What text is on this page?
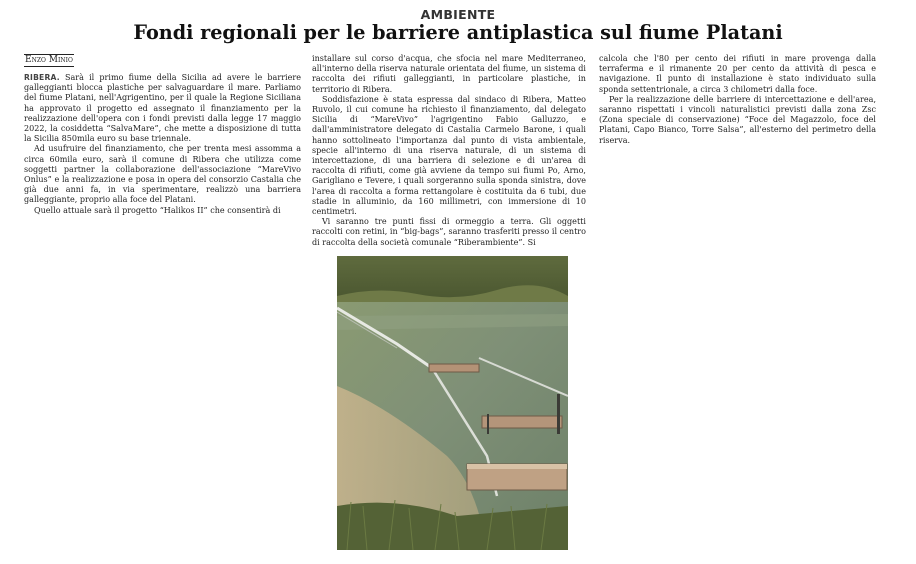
AMBIENTE
Fondi regionali per le barriere antiplastica sul fiume Platani
Enzo Minio

RIBERA. Sarà il primo fiume della Sicilia ad avere le barriere galleggianti blocca plastiche per salvaguardare il mare. Parliamo del fiume Platani, nell'Agrigentino, per il quale la Regione Siciliana ha approvato il progetto ed assegnato il finanziamento per la realizzazione dell'opera con i fondi previsti dalla legge 17 maggio 2022, la cosiddetta “SalvaMare”, che mette a disposizione di tutta la Sicilia 850mila euro su base triennale.

Ad usufruire del finanziamento, che per trenta mesi assomma a circa 60mila euro, sarà il comune di Ribera che utilizza come soggetti partner la collaborazione dell'associazione “MareVivo Onlus” e la realizzazione e posa in opera del consorzio Castalia che già due anni fa, in via sperimentare, realizzò una barriera galleggiante, proprio alla foce del Platani.

Quello attuale sarà il progetto “Halikos II” che consentirà di

installare sul corso d'acqua, che sfocia nel mare Mediterraneo, all'interno della riserva naturale orientata del fiume, un sistema di raccolta dei rifiuti galleggianti, in particolare plastiche, in territorio di Ribera.

Soddisfazione è stata espressa dal sindaco di Ribera, Matteo Ruvolo, il cui comune ha richiesto il finanziamento, dal delegato Sicilia di “MareVivo” l'agrigentino Fabio Galluzzo, e dall'amministratore delegato di Castalia Carmelo Barone, i quali hanno sottolineato l'importanza dal punto di vista ambientale, specie all'interno di una riserva naturale, di un sistema di intercettazione, di una barriera di selezione e di un'area di raccolta di rifiuti, come già avviene da tempo sui fiumi Po, Arno, Garigliano e Tevere, i quali sorgeranno sulla sponda sinistra, dove l'area di raccolta a forma rettangolare è costituita da 6 tubi, due stadie in alluminio, da 160 millimetri, con immersione di 10 centimetri.

Vi saranno tre punti fissi di ormeggio a terra. Gli oggetti raccolti con retini, in “big-bags”, saranno trasferiti presso il centro di raccolta della società comunale “Riberambiente”. Si

calcola che l'80 per cento dei rifiuti in mare provenga dalla terraferma e il rimanente 20 per cento da attività di pesca e navigazione. Il punto di installazione è stato individuato sulla sponda settentrionale, a circa 3 chilometri dalla foce.

Per la realizzazione delle barriere di intercettazione e dell'area, saranno rispettati i vincoli naturalistici previsti dalla zona Zsc (Zona speciale di conservazione) “Foce del Magazzolo, foce del Platani, Capo Bianco, Torre Salsa”, all'esterno del perimetro della riserva.
